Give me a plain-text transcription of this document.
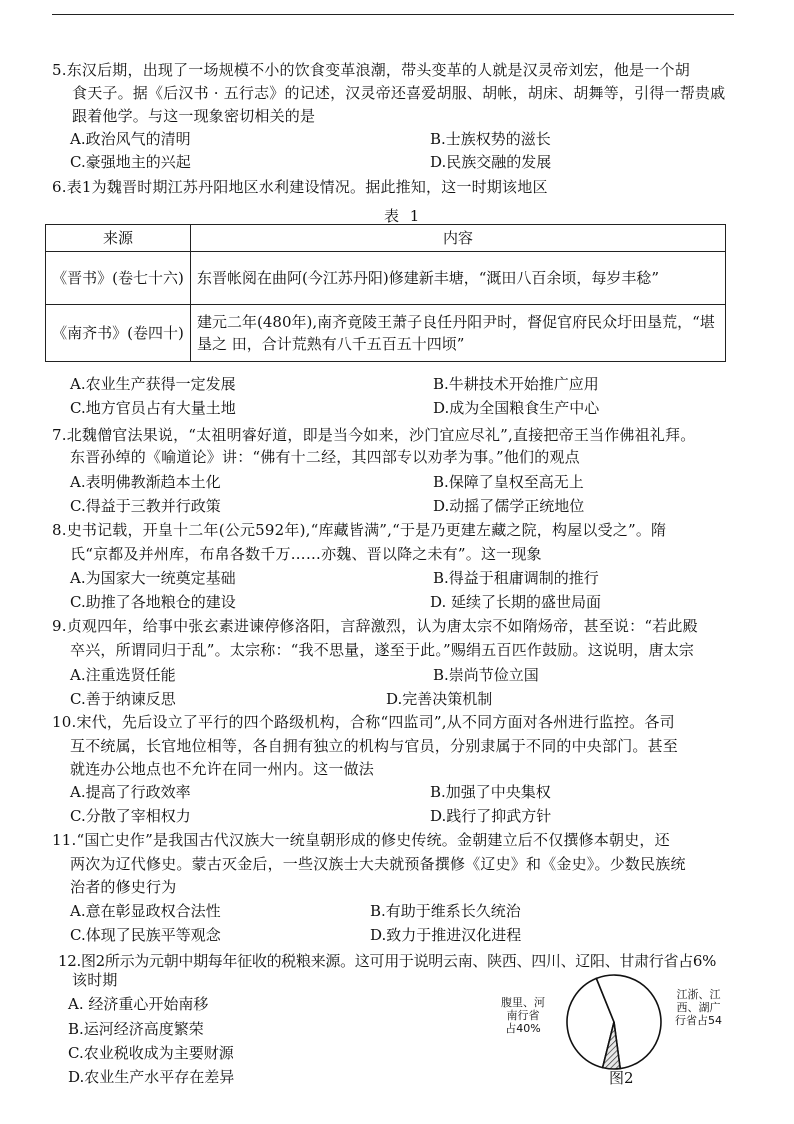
5.东汉后期，出现了一场规模不小的饮食变革浪潮，带头变革的人就是汉灵帝刘宏，他是一个胡
食天子。据《后汉书 · 五行志》的记述，汉灵帝还喜爱胡服、胡帐，胡床、胡舞等，引得一帮贵戚
跟着他学。与这一现象密切相关的是
A.政治风气的清明	B.士族权势的滋长
C.豪强地主的兴起	D.民族交融的发展
6.表1为魏晋时期江苏丹阳地区水利建设情况。据此推知，这一时期该地区
表 1
来源	内容
《晋书》(卷七十六)	东晋帐阅在曲阿(今江苏丹阳)修建新丰塘，“溉田八百余顷，每岁丰稔”
《南齐书》(卷四十)	建元二年(480年),南齐竟陵王萧子良任丹阳尹时，督促官府民众圩田垦荒，“堪垦之 田，合计荒熟有八千五百五十四顷”
A.农业生产获得一定发展	B.牛耕技术开始推广应用
C.地方官员占有大量土地	D.成为全国粮食生产中心
7.北魏僧官法果说，“太祖明睿好道，即是当今如来，沙门宜应尽礼”,直接把帝王当作佛祖礼拜。
东晋孙绰的《喻道论》讲：“佛有十二经，其四部专以劝孝为事。”他们的观点
A.表明佛教渐趋本土化	B.保障了皇权至高无上
C.得益于三教并行政策	D.动摇了儒学正统地位
8.史书记载，开皇十二年(公元592年),“库藏皆满”,“于是乃更建左藏之院，构屋以受之”。隋
氏“京都及并州库，布帛各数千万……亦魏、晋以降之未有”。这一现象
A.为国家大一统奠定基础	B.得益于租庸调制的推行
C.助推了各地粮仓的建设	D. 延续了长期的盛世局面
9.贞观四年，给事中张玄素进谏停修洛阳，言辞激烈，认为唐太宗不如隋炀帝，甚至说：“若此殿
卒兴，所谓同归于乱”。太宗称：“我不思量，遂至于此。”赐绢五百匹作鼓励。这说明，唐太宗
A.注重选贤任能	B.崇尚节俭立国
C.善于纳谏反思	D.完善决策机制
10.宋代，先后设立了平行的四个路级机构，合称“四监司”,从不同方面对各州进行监控。各司
互不统属，长官地位相等，各自拥有独立的机构与官员，分别隶属于不同的中央部门。甚至
就连办公地点也不允许在同一州内。这一做法
A.提高了行政效率	B.加强了中央集权
C.分散了宰相权力	D.践行了抑武方针
11.“国亡史作”是我国古代汉族大一统皇朝形成的修史传统。金朝建立后不仅撰修本朝史，还
两次为辽代修史。蒙古灭金后，一些汉族士大夫就预备撰修《辽史》和《金史》。少数民族统
治者的修史行为
A.意在彰显政权合法性	B.有助于维系长久统治
C.体现了民族平等观念	D.致力于推进汉化进程
12.图2所示为元朝中期每年征收的税粮来源。这可用于说明云南、陕西、四川、辽阳、甘肃行省占6%
该时期
A. 经济重心开始南移
B.运河经济高度繁荣
C.农业税收成为主要财源
D.农业生产水平存在差异
腹里、河
南行省
占40%
江浙、江
西、湖广
行省占54
图2
